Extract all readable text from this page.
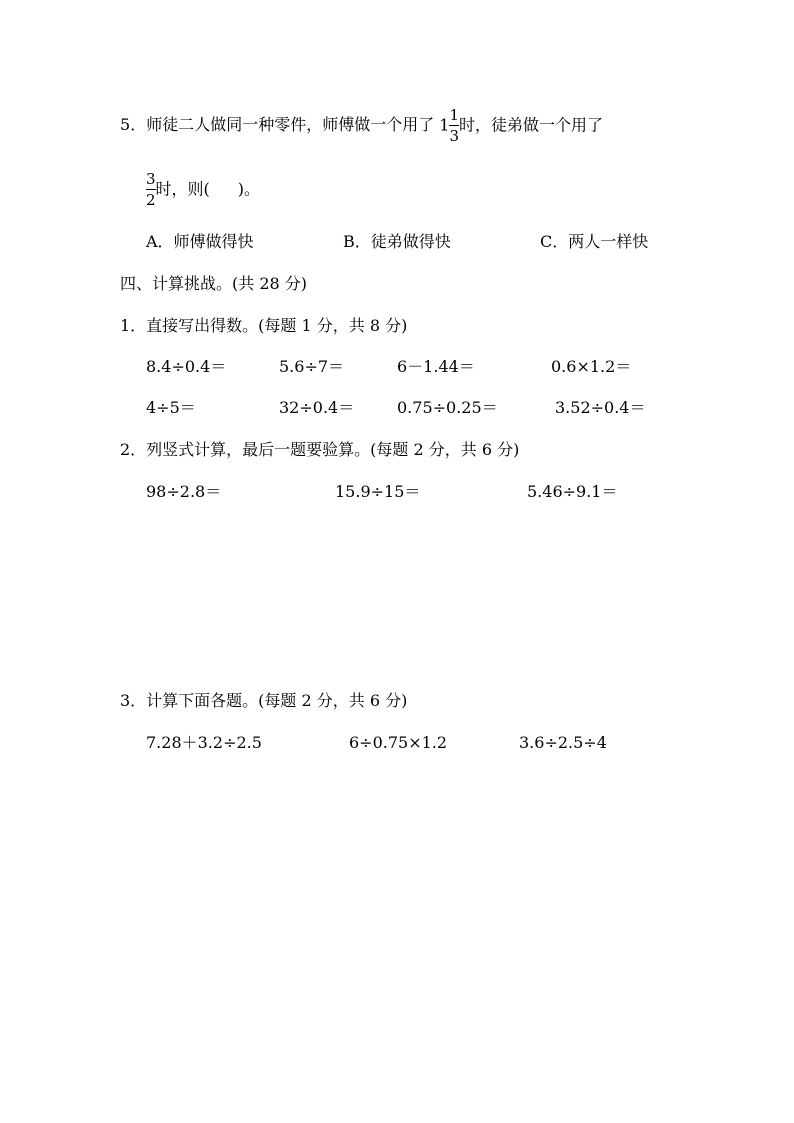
5．师徒二人做同一种零件，师傅做一个用了 $1 \frac{1}{3}$ 时，徒弟做一个用了
$\frac{3}{2}$ 时，则( )。
A．师傅做得快	B．徒弟做得快	C．两人一样快
四、计算挑战。(共 28 分)
1．直接写出得数。(每题 1 分，共 8 分)
8.4÷0.4＝	5.6÷7＝	6－1.44＝	0.6×1.2＝
4÷5＝	32÷0.4＝	0.75÷0.25＝	3.52÷0.4＝
2．列竖式计算，最后一题要验算。(每题 2 分，共 6 分)
98÷2.8＝	15.9÷15＝	5.46÷9.1＝
3．计算下面各题。(每题 2 分，共 6 分)
7.28＋3.2÷2.5	6÷0.75×1.2	3.6÷2.5÷4
